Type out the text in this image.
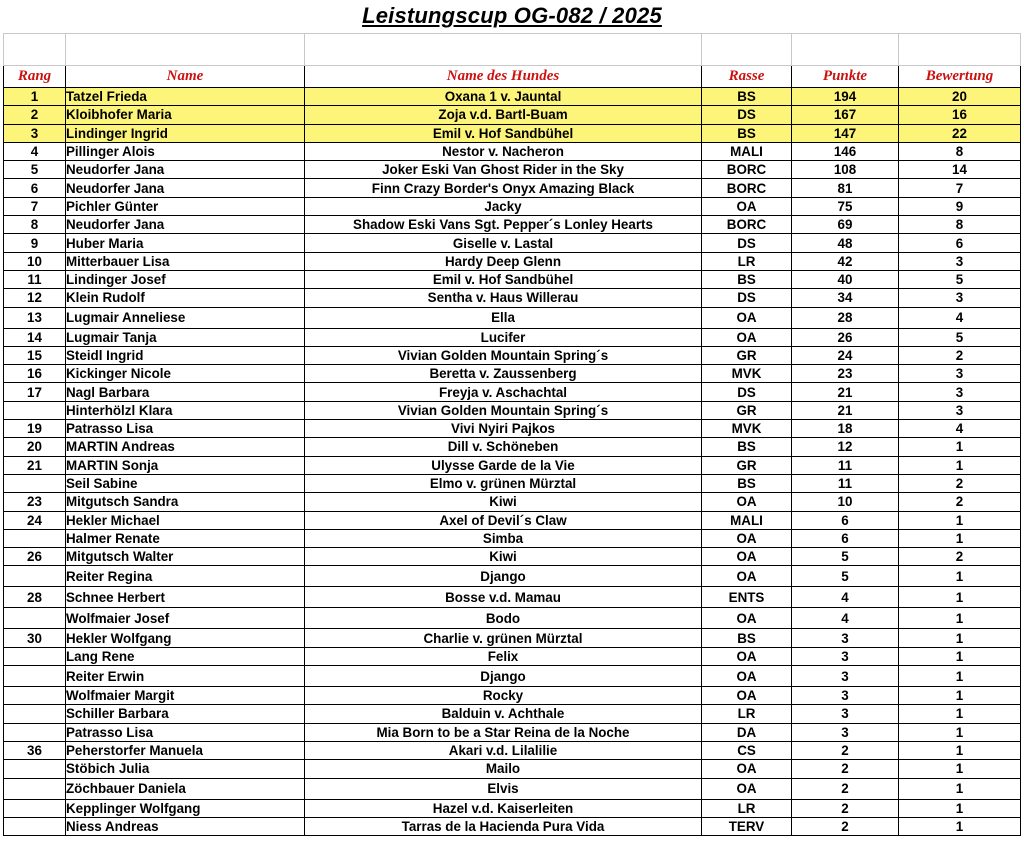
Leistungscup OG-082 / 2025

Rang	Name	Name des Hundes	Rasse	Punkte	Bewertung
1	Tatzel Frieda	Oxana 1 v. Jauntal	BS	194	20
2	Kloibhofer Maria	Zoja v.d. Bartl-Buam	DS	167	16
3	Lindinger Ingrid	Emil v. Hof Sandbühel	BS	147	22
4	Pillinger Alois	Nestor v. Nacheron	MALI	146	8
5	Neudorfer Jana	Joker Eski Van Ghost Rider in the Sky	BORC	108	14
6	Neudorfer Jana	Finn Crazy Border's Onyx Amazing Black	BORC	81	7
7	Pichler Günter	Jacky	OA	75	9
8	Neudorfer Jana	Shadow Eski Vans Sgt. Pepper´s Lonley Hearts	BORC	69	8
9	Huber Maria	Giselle v. Lastal	DS	48	6
10	Mitterbauer Lisa	Hardy Deep Glenn	LR	42	3
11	Lindinger Josef	Emil v. Hof Sandbühel	BS	40	5
12	Klein Rudolf	Sentha v. Haus Willerau	DS	34	3
13	Lugmair Anneliese	Ella	OA	28	4
14	Lugmair Tanja	Lucifer	OA	26	5
15	Steidl Ingrid	Vivian Golden Mountain Spring´s	GR	24	2
16	Kickinger Nicole	Beretta v. Zaussenberg	MVK	23	3
17	Nagl Barbara	Freyja v. Aschachtal	DS	21	3
	Hinterhölzl Klara	Vivian Golden Mountain Spring´s	GR	21	3
19	Patrasso Lisa	Vivi Nyiri Pajkos	MVK	18	4
20	MARTIN Andreas	Dill v. Schöneben	BS	12	1
21	MARTIN Sonja	Ulysse Garde de la Vie	GR	11	1
	Seil Sabine	Elmo v. grünen Mürztal	BS	11	2
23	Mitgutsch Sandra	Kiwi	OA	10	2
24	Hekler Michael	Axel of Devil´s Claw	MALI	6	1
	Halmer Renate	Simba	OA	6	1
26	Mitgutsch Walter	Kiwi	OA	5	2
	Reiter Regina	Django	OA	5	1
28	Schnee Herbert	Bosse v.d. Mamau	ENTS	4	1
	Wolfmaier Josef	Bodo	OA	4	1
30	Hekler Wolfgang	Charlie v. grünen Mürztal	BS	3	1
	Lang Rene	Felix	OA	3	1
	Reiter Erwin	Django	OA	3	1
	Wolfmaier Margit	Rocky	OA	3	1
	Schiller Barbara	Balduin v. Achthale	LR	3	1
	Patrasso Lisa	Mia Born to be a Star Reina de la Noche	DA	3	1
36	Peherstorfer Manuela	Akari v.d. Lilalilie	CS	2	1
	Stöbich Julia	Mailo	OA	2	1
	Zöchbauer Daniela	Elvis	OA	2	1
	Kepplinger Wolfgang	Hazel v.d. Kaiserleiten	LR	2	1
	Niess Andreas	Tarras de la Hacienda Pura Vida	TERV	2	1
